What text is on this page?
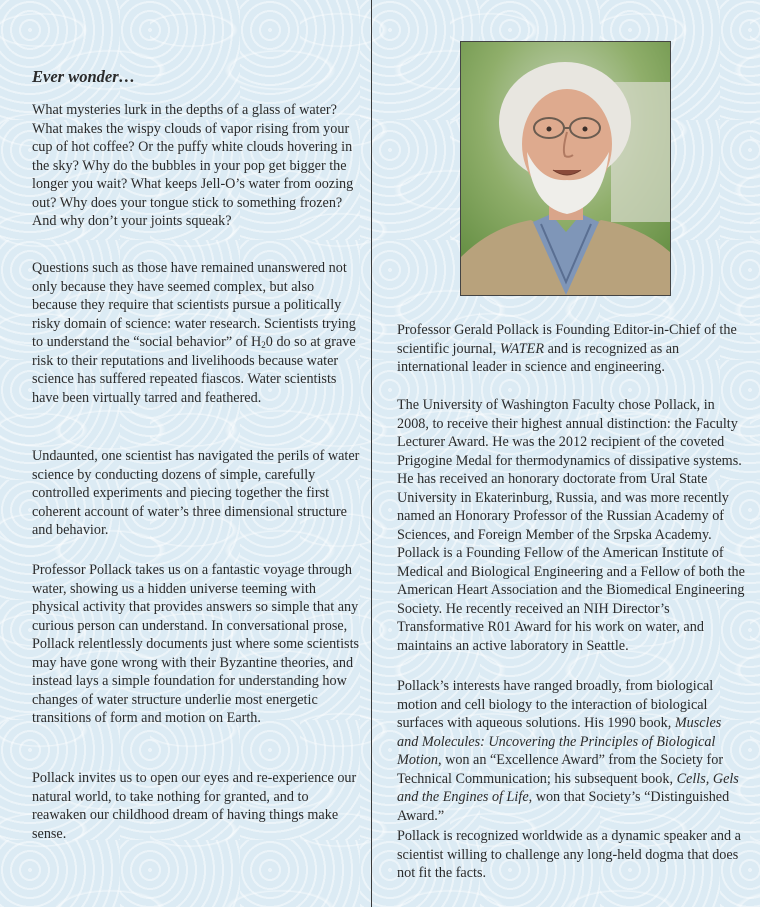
Ever wonder…

What mysteries lurk in the depths of a glass of water? What makes the wispy clouds of vapor rising from your cup of hot coffee? Or the puffy white clouds hovering in the sky? Why do the bubbles in your pop get bigger the longer you wait? What keeps Jell-O’s water from oozing out? Why does your tongue stick to something frozen? And why don’t your joints squeak?

Questions such as those have remained unanswered not only because they have seemed complex, but also because they require that scientists pursue a politically risky domain of science: water research. Scientists trying to understand the “social behavior” of $H_20$ do so at grave risk to their reputations and livelihoods because water science has suffered repeated fiascos. Water scientists have been virtually tarred and feathered.

Undaunted, one scientist has navigated the perils of water science by conducting dozens of simple, carefully controlled experiments and piecing together the first coherent account of water’s three dimensional structure and behavior.

Professor Pollack takes us on a fantastic voyage through water, showing us a hidden universe teeming with physical activity that provides answers so simple that any curious person can understand. In conversational prose, Pollack relentlessly documents just where some scientists may have gone wrong with their Byzantine theories, and instead lays a simple foundation for understanding how changes of water structure underlie most energetic transitions of form and motion on Earth.

Pollack invites us to open our eyes and re-experience our natural world, to take nothing for granted, and to reawaken our childhood dream of having things make sense.

Professor Gerald Pollack is Founding Editor-in-Chief of the scientific journal, WATER and is recognized as an international leader in science and engineering.

The University of Washington Faculty chose Pollack, in 2008, to receive their highest annual distinction: the Faculty Lecturer Award. He was the 2012 recipient of the coveted Prigogine Medal for thermodynamics of dissipative systems. He has received an honorary doctorate from Ural State University in Ekaterinburg, Russia, and was more recently named an Honorary Professor of the Russian Academy of Sciences, and Foreign Member of the Srpska Academy. Pollack is a Founding Fellow of the American Institute of Medical and Biological Engineering and a Fellow of both the American Heart Association and the Biomedical Engineering Society. He recently received an NIH Director’s Transformative R01 Award for his work on water, and maintains an active laboratory in Seattle.

Pollack’s interests have ranged broadly, from biological motion and cell biology to the interaction of biological surfaces with aqueous solutions. His 1990 book, Muscles and Molecules: Uncovering the Principles of Biological Motion, won an “Excellence Award” from the Society for Technical Communication; his subsequent book, Cells, Gels and the Engines of Life, won that Society’s “Distinguished Award.”

Pollack is recognized worldwide as a dynamic speaker and a scientist willing to challenge any long-held dogma that does not fit the facts.
